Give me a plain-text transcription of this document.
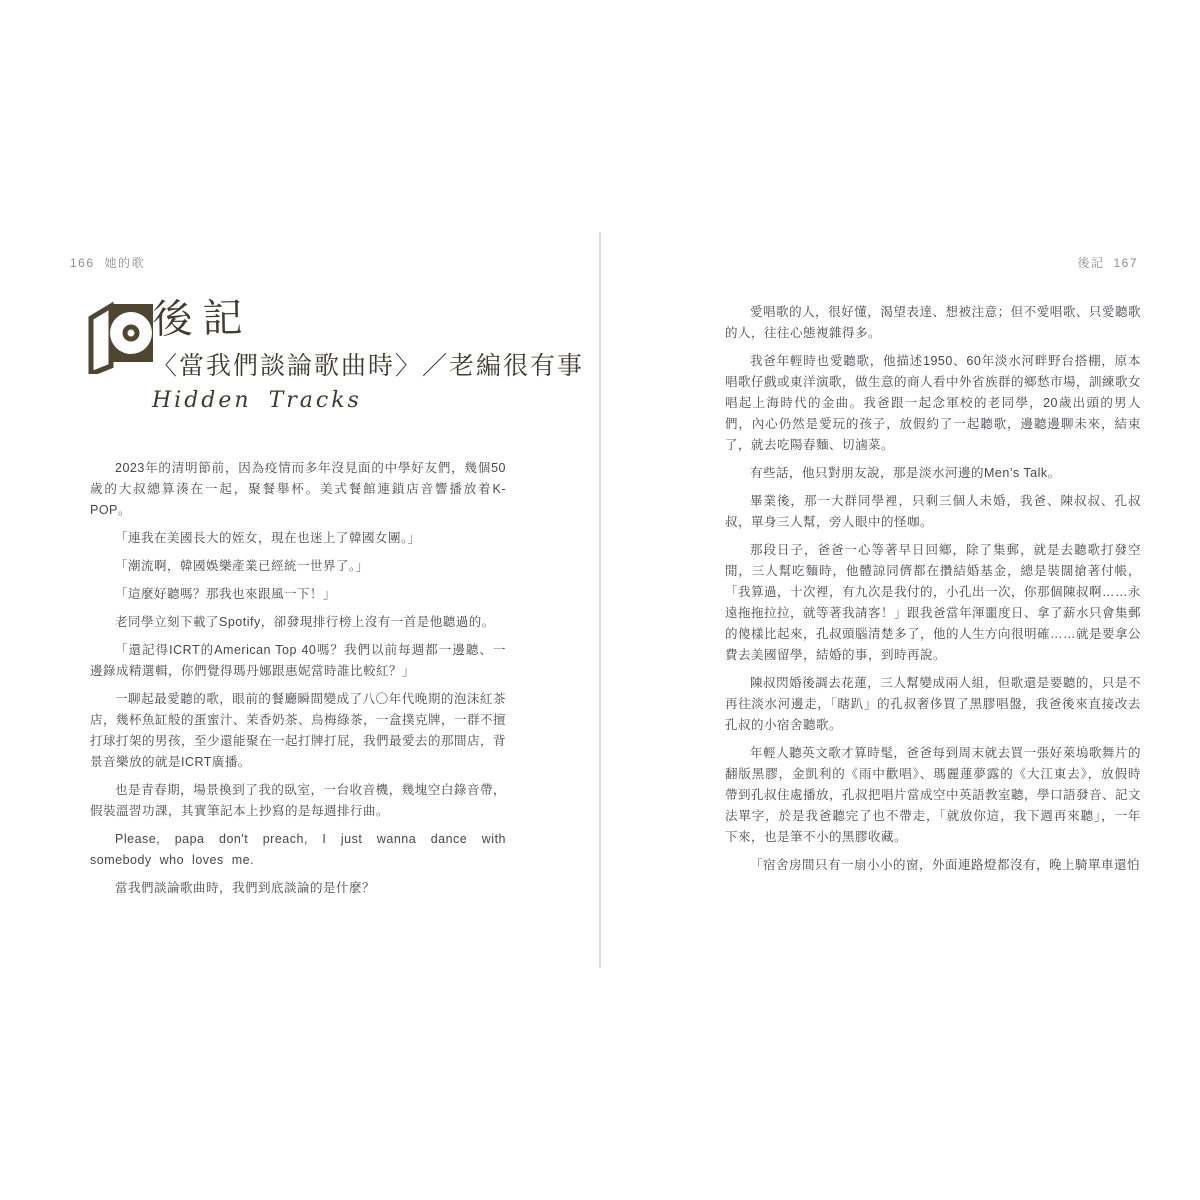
166 她的歌	後記 167
後記
〈當我們談論歌曲時〉／老編很有事
Hidden Tracks

2023年的清明節前，因為疫情而多年沒見面的中學好友們，幾個50歲的大叔總算湊在一起，聚餐舉杯。美式餐館連鎖店音響播放着K-POP。

「連我在美國長大的姪女，現在也迷上了韓國女團。」

「潮流啊，韓國娛樂產業已經統一世界了。」

「這麼好聽嗎？那我也來跟風一下！」

老同學立刻下載了Spotify，卻發現排行榜上沒有一首是他聽過的。

「還記得ICRT的American Top 40嗎？我們以前每週都一邊聽、一邊錄成精選輯，你們覺得瑪丹娜跟惠妮當時誰比較紅？」

一聊起最愛聽的歌，眼前的餐廳瞬間變成了八〇年代晚期的泡沫紅茶店，幾杯魚缸般的蛋蜜汁、茉香奶茶、烏梅綠茶，一盒撲克牌，一群不擅打球打架的男孩，至少還能聚在一起打牌打屁，我們最愛去的那間店，背景音樂放的就是ICRT廣播。

也是青春期，場景換到了我的臥室，一台收音機，幾塊空白錄音帶，假裝溫習功課，其實筆記本上抄寫的是每週排行曲。

Please, papa don't preach, I just wanna dance with somebody who loves me.

當我們談論歌曲時，我們到底談論的是什麼？

愛唱歌的人，很好懂，渴望表達、想被注意；但不愛唱歌、只愛聽歌的人，往往心態複雜得多。

我爸年輕時也愛聽歌，他描述1950、60年淡水河畔野台搭棚，原本唱歌仔戲或東洋演歌，做生意的商人看中外省族群的鄉愁市場，訓練歌女唱起上海時代的金曲。我爸跟一起念軍校的老同學，20歲出頭的男人們，內心仍然是愛玩的孩子，放假約了一起聽歌，邊聽邊聊未來，結束了，就去吃陽春麵、切滷菜。

有些話，他只對朋友說，那是淡水河邊的Men’s Talk。

畢業後，那一大群同學裡，只剩三個人未婚，我爸、陳叔叔、孔叔叔，單身三人幫，旁人眼中的怪咖。

那段日子，爸爸一心等著早日回鄉，除了集郵，就是去聽歌打發空閒，三人幫吃麵時，他體諒同儕都在攢結婚基金，總是裝闊搶著付帳，「我算過，十次裡，有九次是我付的，小孔出一次，你那個陳叔啊……永遠拖拖拉拉，就等著我請客！」跟我爸當年渾噩度日、拿了薪水只會集郵的傻樣比起來，孔叔頭腦清楚多了，他的人生方向很明確……就是要拿公費去美國留學，結婚的事，到時再說。

陳叔閃婚後調去花蓮，三人幫變成兩人組，但歌還是要聽的，只是不再往淡水河邊走，「瞎趴」的孔叔奢侈買了黑膠唱盤，我爸後來直接改去孔叔的小宿舍聽歌。

年輕人聽英文歌才算時髦，爸爸每到周末就去買一張好萊塢歌舞片的翻版黑膠，金凱利的《雨中歡唱》、瑪麗蓮夢露的《大江東去》，放假時帶到孔叔住處播放，孔叔把唱片當成空中英語教室聽，學口語發音、記文法單字，於是我爸聽完了也不帶走，「就放你這，我下週再來聽」，一年下來，也是筆不小的黑膠收藏。

「宿舍房間只有一扇小小的窗，外面連路燈都沒有，晚上騎單車還怕
